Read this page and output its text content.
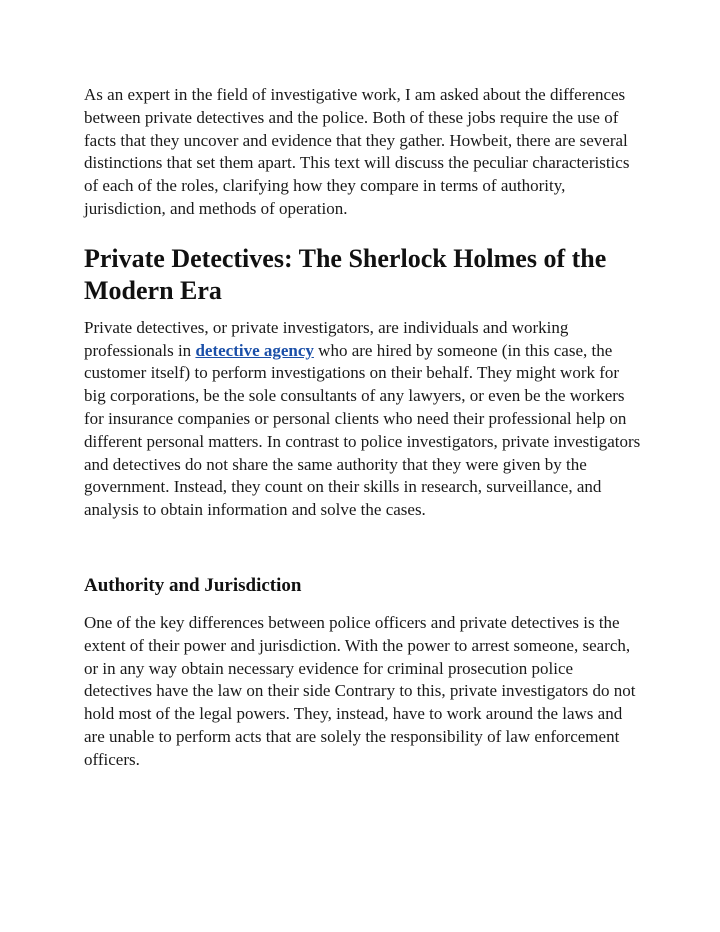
As an expert in the field of investigative work, I am asked about the differences between private detectives and the police. Both of these jobs require the use of facts that they uncover and evidence that they gather. Howbeit, there are several distinctions that set them apart. This text will discuss the peculiar characteristics of each of the roles, clarifying how they compare in terms of authority, jurisdiction, and methods of operation.

Private Detectives: The Sherlock Holmes of the Modern Era

Private detectives, or private investigators, are individuals and working professionals in detective agency who are hired by someone (in this case, the customer itself) to perform investigations on their behalf. They might work for big corporations, be the sole consultants of any lawyers, or even be the workers for insurance companies or personal clients who need their professional help on different personal matters. In contrast to police investigators, private investigators and detectives do not share the same authority that they were given by the government. Instead, they count on their skills in research, surveillance, and analysis to obtain information and solve the cases.

Authority and Jurisdiction

One of the key differences between police officers and private detectives is the extent of their power and jurisdiction. With the power to arrest someone, search, or in any way obtain necessary evidence for criminal prosecution police detectives have the law on their side Contrary to this, private investigators do not hold most of the legal powers. They, instead, have to work around the laws and are unable to perform acts that are solely the responsibility of law enforcement officers.
